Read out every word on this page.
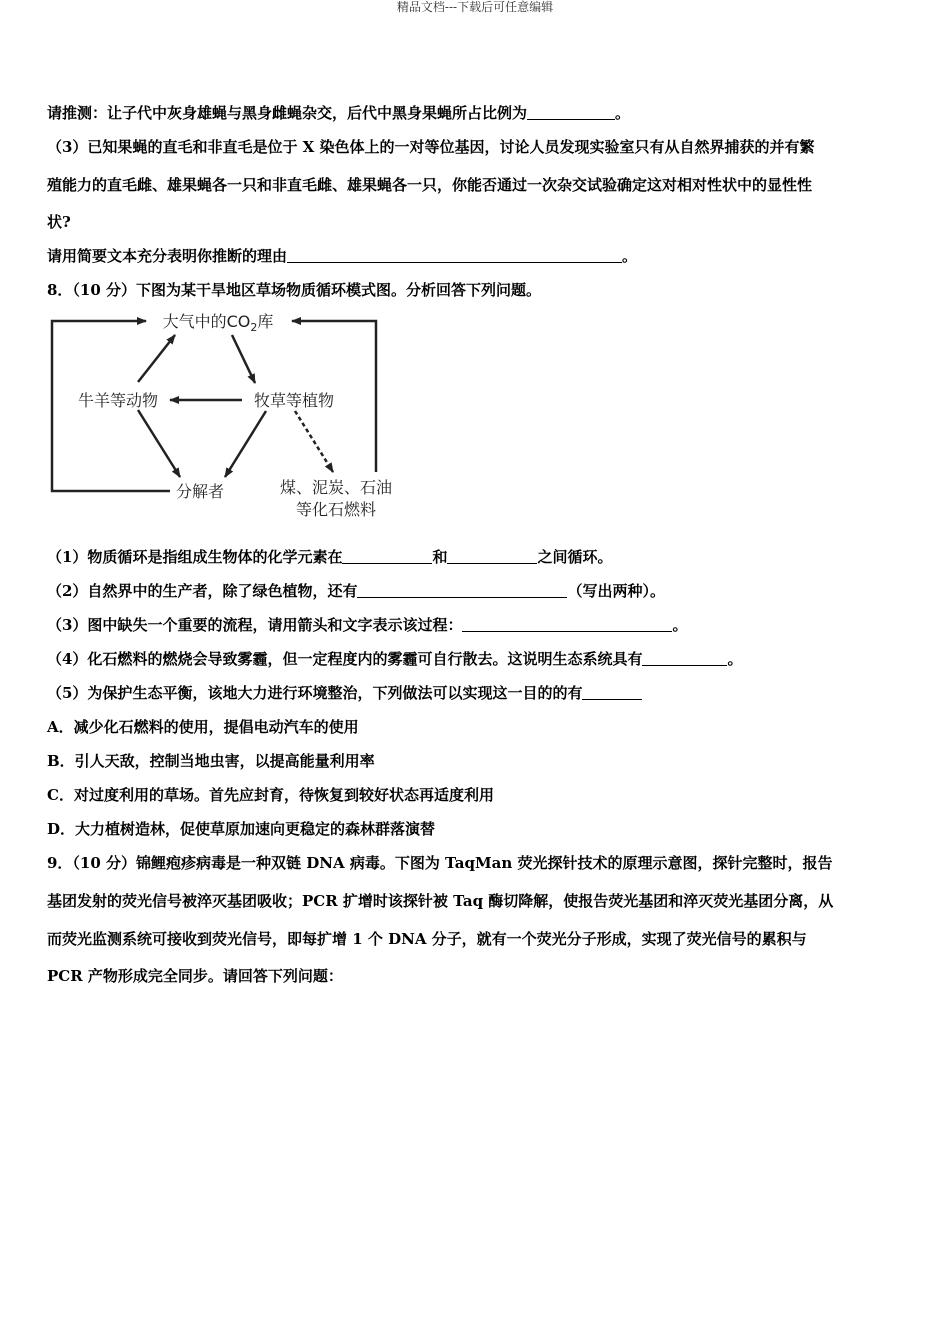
精品文档---下载后可任意编辑
请推测：让子代中灰身雄蝇与黑身雌蝇杂交，后代中黑身果蝇所占比例为	。
（3）已知果蝇的直毛和非直毛是位于 X 染色体上的一对等位基因，讨论人员发现实验室只有从自然界捕获的并有繁
殖能力的直毛雌、雄果蝇各一只和非直毛雌、雄果蝇各一只，你能否通过一次杂交试验确定这对相对性状中的显性性
状?
请用简要文本充分表明你推断的理由	。
8．（10 分）下图为某干旱地区草场物质循环模式图。分析回答下列问题。
大气中的$CO_2$库
牛羊等动物	牧草等植物
分解者	煤、泥炭、石油
等化石燃料
（1）物质循环是指组成生物体的化学元素在	和	之间循环。
（2）自然界中的生产者，除了绿色植物，还有	（写出两种）。
（3）图中缺失一个重要的流程，请用箭头和文字表示该过程：	。
（4）化石燃料的燃烧会导致雾霾，但一定程度内的雾霾可自行散去。这说明生态系统具有	。
（5）为保护生态平衡，该地大力进行环境整治，下列做法可以实现这一目的的有
A．减少化石燃料的使用，提倡电动汽车的使用
B．引人天敌，控制当地虫害，以提高能量利用率
C．对过度利用的草场。首先应封育，待恢复到较好状态再适度利用
D．大力植树造林，促使草原加速向更稳定的森林群落演替
9．（10 分）锦鲤疱疹病毒是一种双链 DNA 病毒。下图为 TaqMan 荧光探针技术的原理示意图，探针完整时，报告
基团发射的荧光信号被淬灭基团吸收；PCR 扩增时该探针被 Taq 酶切降解，使报告荧光基团和淬灭荧光基团分离，从
而荧光监测系统可接收到荧光信号，即每扩增 1 个 DNA 分子，就有一个荧光分子形成，实现了荧光信号的累积与
PCR 产物形成完全同步。请回答下列问题：
